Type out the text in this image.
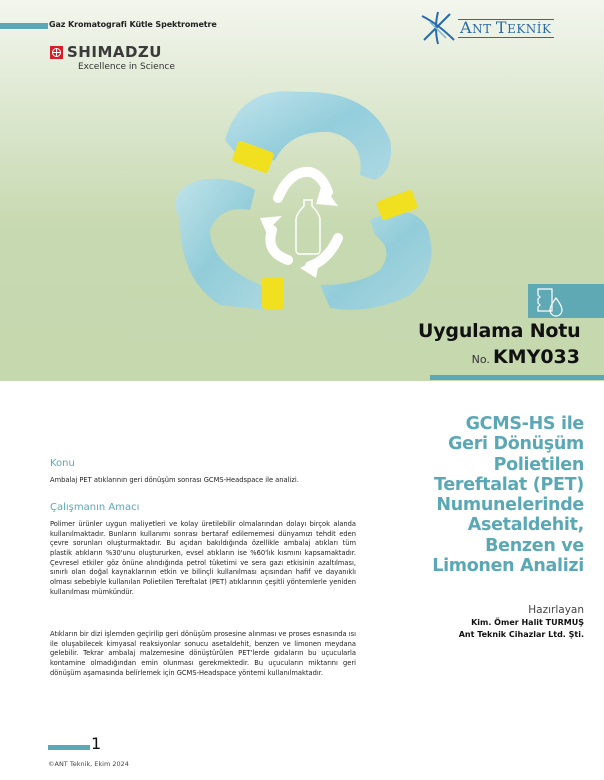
Gaz Kromatografi Kütle Spektrometre
SHIMADZU
Excellence in Science
ANT TEKNİK
Uygulama Notu
No. KMY033
GCMS-HS ile
Geri Dönüşüm
Polietilen
Tereftalat (PET)
Numunelerinde
Asetaldehit,
Benzen ve
Limonen Analizi
Hazırlayan
Kim. Ömer Halit TURMUŞ
Ant Teknik Cihazlar Ltd. Şti.
Konu
Ambalaj PET atıklarının geri dönüşüm sonrası GCMS-Headspace ile analizi.
Çalışmanın Amacı
Polimer ürünler uygun maliyetleri ve kolay üretilebilir olmalarından dolayı birçok alanda kullanılmaktadır. Bunların kullanımı sonrası bertaraf edilememesi dünyamızı tehdit eden çevre sorunları oluşturmaktadır. Bu açıdan bakıldığında özellikle ambalaj atıkları tüm plastik atıkların %30'unu oluştururken, evsel atıkların ise %60'lık kısmını kapsamaktadır. Çevresel etkiler göz önüne alındığında petrol tüketimi ve sera gazı etkisinin azaltılması, sınırlı olan doğal kaynaklarının etkin ve bilinçli kullanılması açısından hafif ve dayanıklı olması sebebiyle kullanılan Polietilen Tereftalat (PET) atıklarının çeşitli yöntemlerle yeniden kullanılması mümkündür.
Atıkların bir dizi işlemden geçirilip geri dönüşüm prosesine alınması ve proses esnasında ısı ile oluşabilecek kimyasal reaksiyonlar sonucu asetaldehit, benzen ve limonen meydana gelebilir. Tekrar ambalaj malzemesine dönüştürülen PET'lerde gıdaların bu uçucularla kontamine olmadığından emin olunması gerekmektedir. Bu uçucuların miktarını geri dönüşüm aşamasında belirlemek için GCMS-Headspace yöntemi kullanılmaktadır.
1
©ANT Teknik, Ekim 2024
